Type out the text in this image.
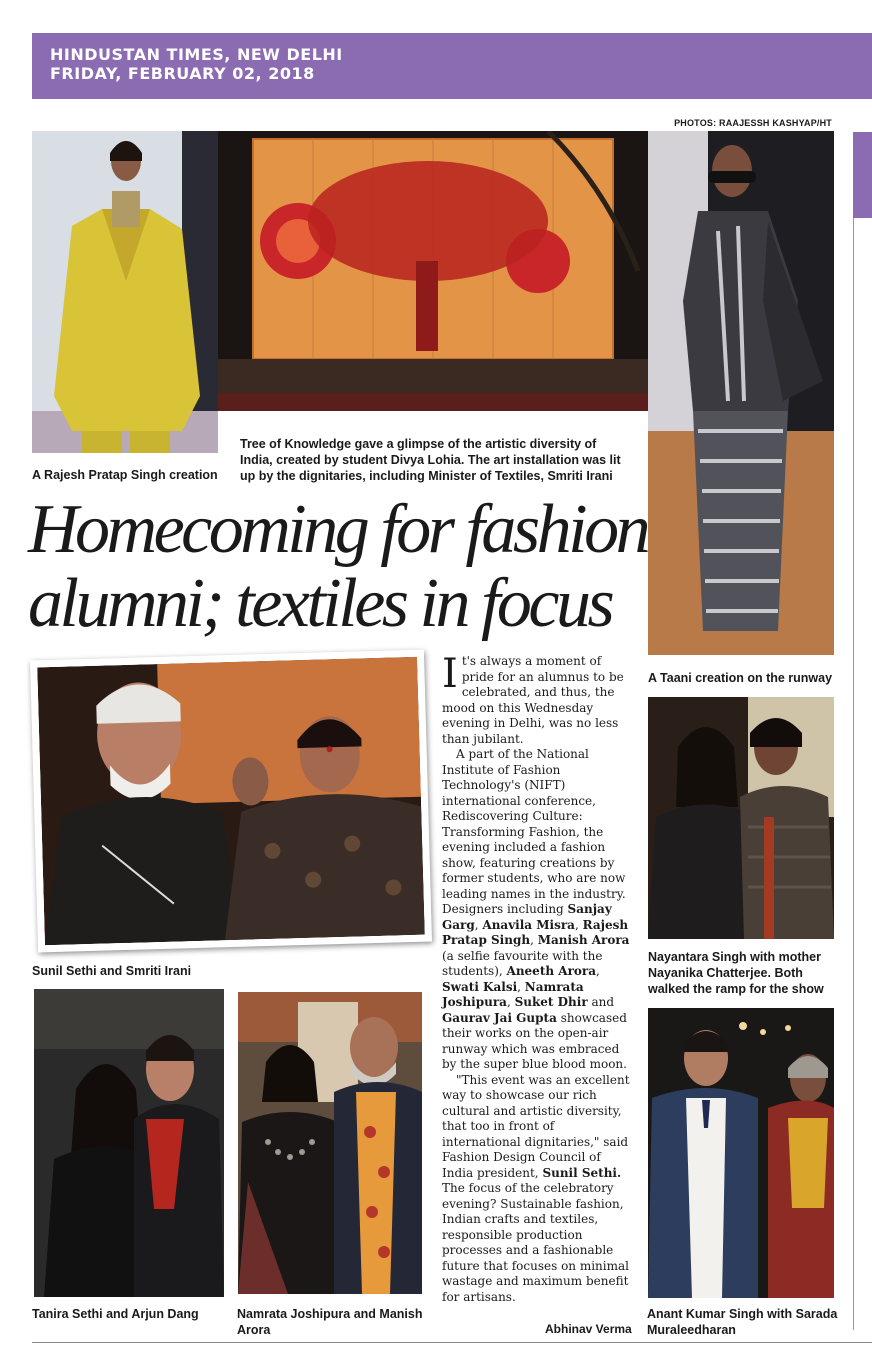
HINDUSTAN TIMES, NEW DELHI
FRIDAY, FEBRUARY 02, 2018
PHOTOS: RAAJESSH KASHYAP/HT
A Rajesh Pratap Singh creation
Tree of Knowledge gave a glimpse of the artistic diversity of India, created by student Divya Lohia. The art installation was lit up by the dignitaries, including Minister of Textiles, Smriti Irani
A Taani creation on the runway
Homecoming for fashion
alumni; textiles in focus
Sunil Sethi and Smriti Irani
Nayantara Singh with mother Nayanika Chatterjee. Both walked the ramp for the show
Tanira Sethi and Arjun Dang	Namrata Joshipura and Manish Arora
Anant Kumar Singh with Sarada Muraleedharan

It's always a moment of pride for an alumnus to be celebrated, and thus, the mood on this Wednesday evening in Delhi, was no less than jubilant.

A part of the National Institute of Fashion Technology's (NIFT) international conference, Rediscovering Culture: Transforming Fashion, the evening included a fashion show, featuring creations by former students, who are now leading names in the industry. Designers including Sanjay Garg, Anavila Misra, Rajesh Pratap Singh, Manish Arora (a selfie favourite with the students), Aneeth Arora, Swati Kalsi, Namrata Joshipura, Suket Dhir and Gaurav Jai Gupta showcased their works on the open-air runway which was embraced by the super blue blood moon.

"This event was an excellent way to showcase our rich cultural and artistic diversity, that too in front of international dignitaries," said Fashion Design Council of India president, Sunil Sethi. The focus of the celebratory evening? Sustainable fashion, Indian crafts and textiles, responsible production processes and a fashionable future that focuses on minimal wastage and maximum benefit for artisans.

Abhinav Verma
